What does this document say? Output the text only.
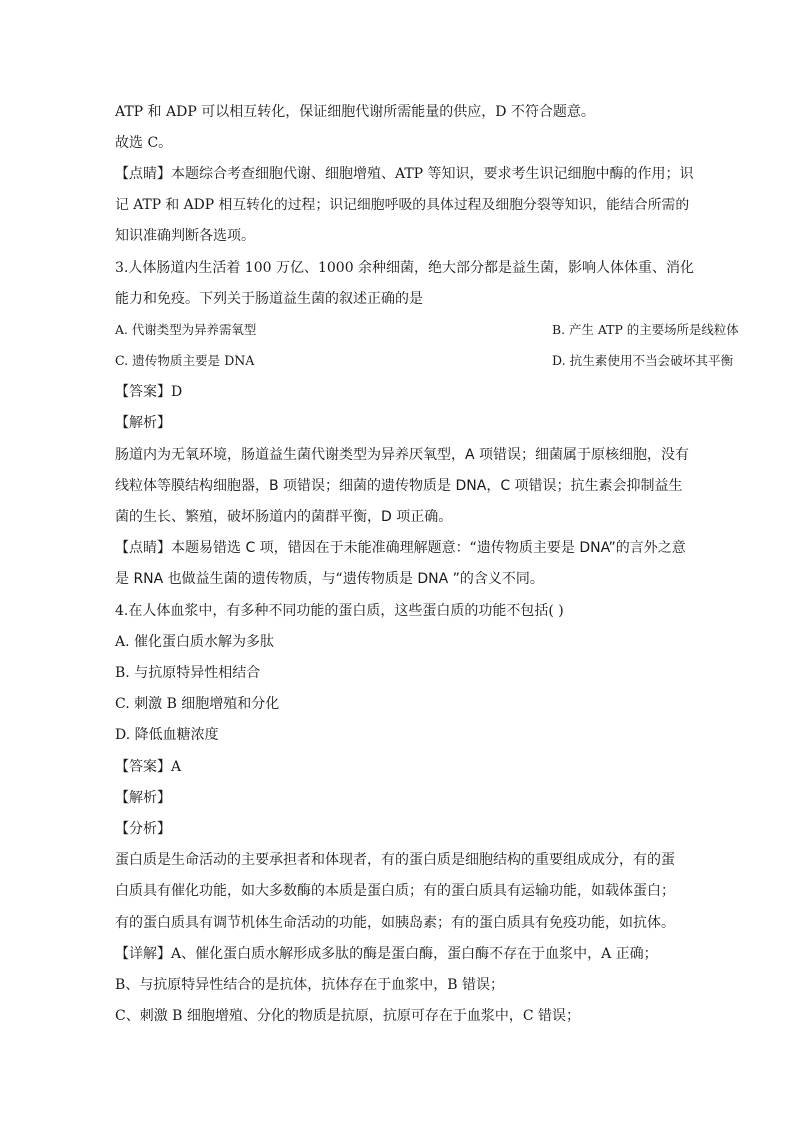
ATP 和 ADP 可以相互转化，保证细胞代谢所需能量的供应，D 不符合题意。
故选 C。
【点睛】本题综合考查细胞代谢、细胞增殖、ATP 等知识，要求考生识记细胞中酶的作用；识
记 ATP 和 ADP 相互转化的过程；识记细胞呼吸的具体过程及细胞分裂等知识，能结合所需的
知识准确判断各选项。
3.人体肠道内生活着 100 万亿、1000 余种细菌，绝大部分都是益生菌，影响人体体重、消化
能力和免疫。下列关于肠道益生菌的叙述正确的是
A. 代谢类型为异养需氧型	B. 产生 ATP 的主要场所是线粒体
C. 遗传物质主要是 DNA	D. 抗生素使用不当会破坏其平衡
【答案】D
【解析】
肠道内为无氧环境，肠道益生菌代谢类型为异养厌氧型，A 项错误；细菌属于原核细胞，没有
线粒体等膜结构细胞器，B 项错误；细菌的遗传物质是 DNA，C 项错误；抗生素会抑制益生
菌的生长、繁殖，破坏肠道内的菌群平衡，D 项正确。
【点睛】本题易错选 C 项，错因在于未能准确理解题意：“遗传物质主要是 DNA”的言外之意
是 RNA 也做益生菌的遗传物质，与“遗传物质是 DNA ”的含义不同。
4.在人体血浆中，有多种不同功能的蛋白质，这些蛋白质的功能不包括( )
A. 催化蛋白质水解为多肽
B. 与抗原特异性相结合
C. 刺激 B 细胞增殖和分化
D. 降低血糖浓度
【答案】A
【解析】
【分析】
蛋白质是生命活动的主要承担者和体现者，有的蛋白质是细胞结构的重要组成成分，有的蛋
白质具有催化功能，如大多数酶的本质是蛋白质；有的蛋白质具有运输功能，如载体蛋白；
有的蛋白质具有调节机体生命活动的功能，如胰岛素；有的蛋白质具有免疫功能，如抗体。
【详解】A、催化蛋白质水解形成多肽的酶是蛋白酶，蛋白酶不存在于血浆中，A 正确；
B、与抗原特异性结合的是抗体，抗体存在于血浆中，B 错误；
C、刺激 B 细胞增殖、分化的物质是抗原，抗原可存在于血浆中，C 错误；
